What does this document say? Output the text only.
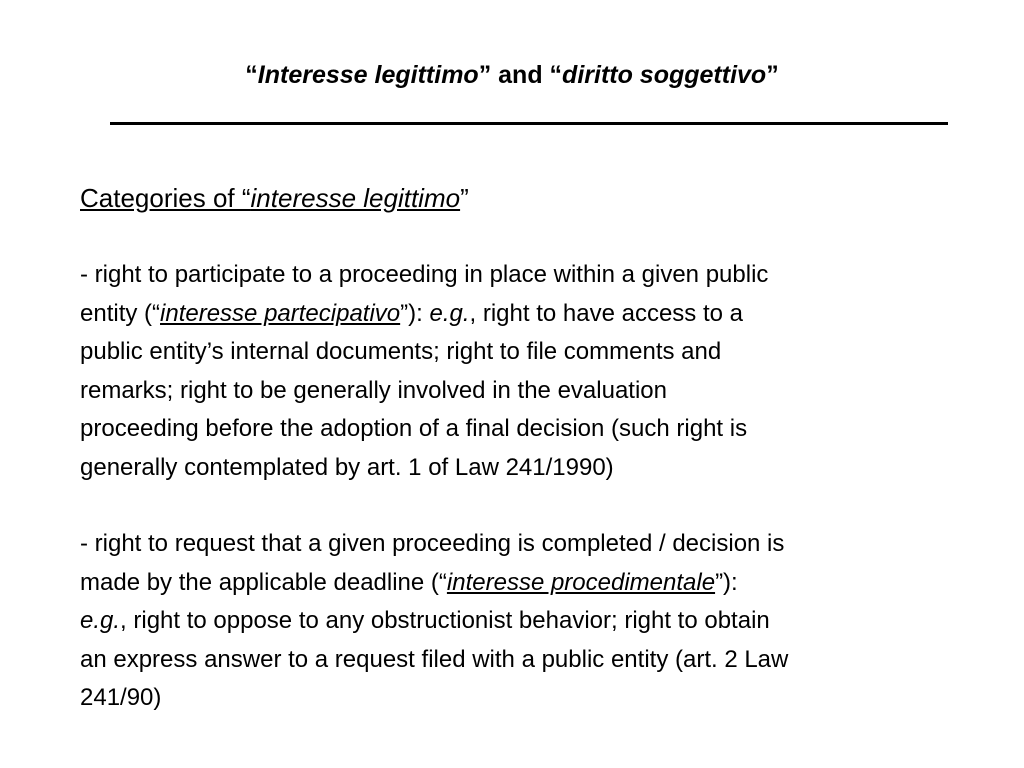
“Interesse legittimo” and “diritto soggettivo”
Categories of “interesse legittimo”

- right to participate to a proceeding in place within a given public

entity (“interesse partecipativo”): e.g., right to have access to a

public entity’s internal documents; right to file comments and

remarks; right to be generally involved in the evaluation

proceeding before the adoption of a final decision (such right is

generally contemplated by art. 1 of Law 241/1990)

- right to request that a given proceeding is completed / decision is

made by the applicable deadline (“interesse procedimentale”):

e.g., right to oppose to any obstructionist behavior; right to obtain

an express answer to a request filed with a public entity (art. 2 Law

241/90)
